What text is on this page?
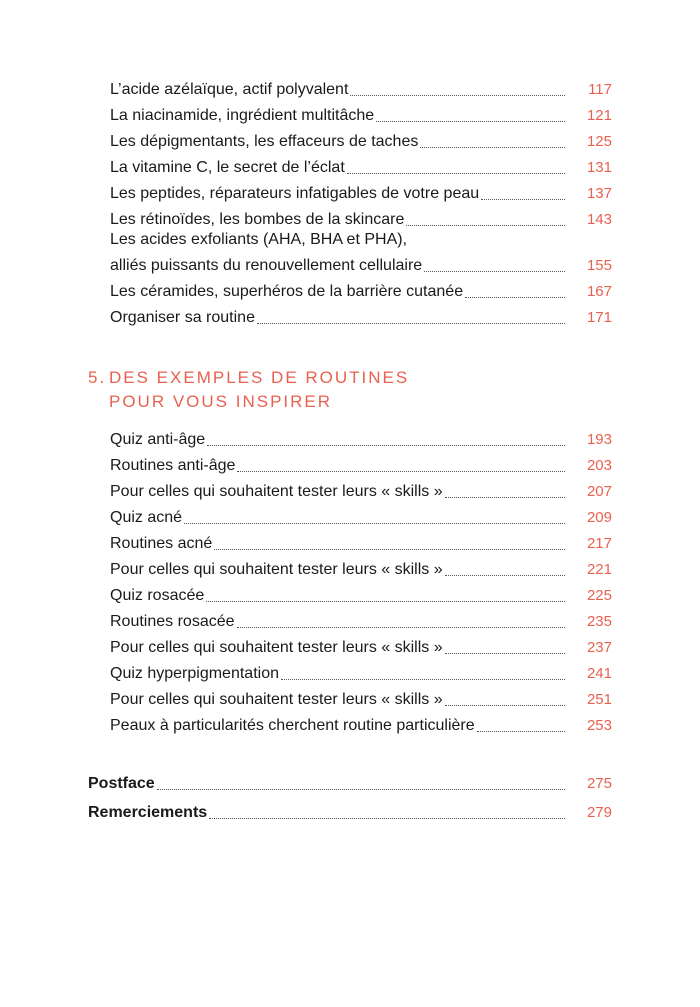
L’acide azélaïque, actif polyvalent	117
La niacinamide, ingrédient multitâche	121
Les dépigmentants, les effaceurs de taches	125
La vitamine C, le secret de l’éclat	131
Les peptides, réparateurs infatigables de votre peau	137
Les rétinoïdes, les bombes de la skincare	143
Les acides exfoliants (AHA, BHA et PHA),
alliés puissants du renouvellement cellulaire	155
Les céramides, superhéros de la barrière cutanée	167
Organiser sa routine	171
5. DES EXEMPLES DE ROUTINES
POUR VOUS INSPIRER
Quiz anti-âge	193
Routines anti-âge	203
Pour celles qui souhaitent tester leurs « skills »	207
Quiz acné	209
Routines acné	217
Pour celles qui souhaitent tester leurs « skills »	221
Quiz rosacée	225
Routines rosacée	235
Pour celles qui souhaitent tester leurs « skills »	237
Quiz hyperpigmentation	241
Pour celles qui souhaitent tester leurs « skills »	251
Peaux à particularités cherchent routine particulière	253
Postface	275
Remerciements	279
